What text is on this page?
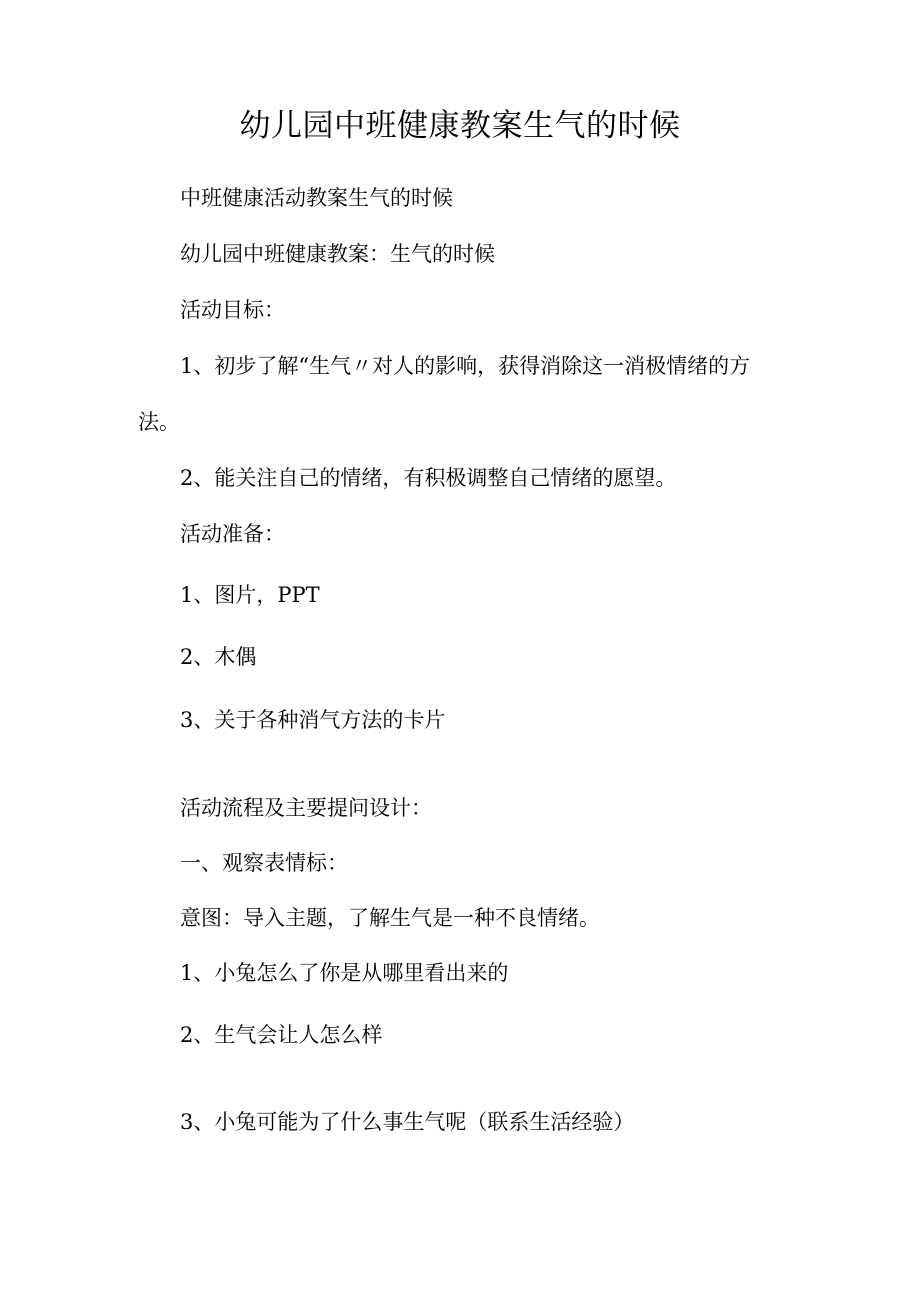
幼儿园中班健康教案生气的时候
中班健康活动教案生气的时候
幼儿园中班健康教案：生气的时候
活动目标：
1、初步了解“生气〃对人的影响，获得消除这一消极情绪的方
法。
2、能关注自己的情绪，有积极调整自己情绪的愿望。
活动准备：
1、图片，PPT
2、木偶
3、关于各种消气方法的卡片
活动流程及主要提问设计：
一、观察表情标：
意图：导入主题，了解生气是一种不良情绪。
1、小兔怎么了你是从哪里看出来的
2、生气会让人怎么样
3、小兔可能为了什么事生气呢（联系生活经验）
